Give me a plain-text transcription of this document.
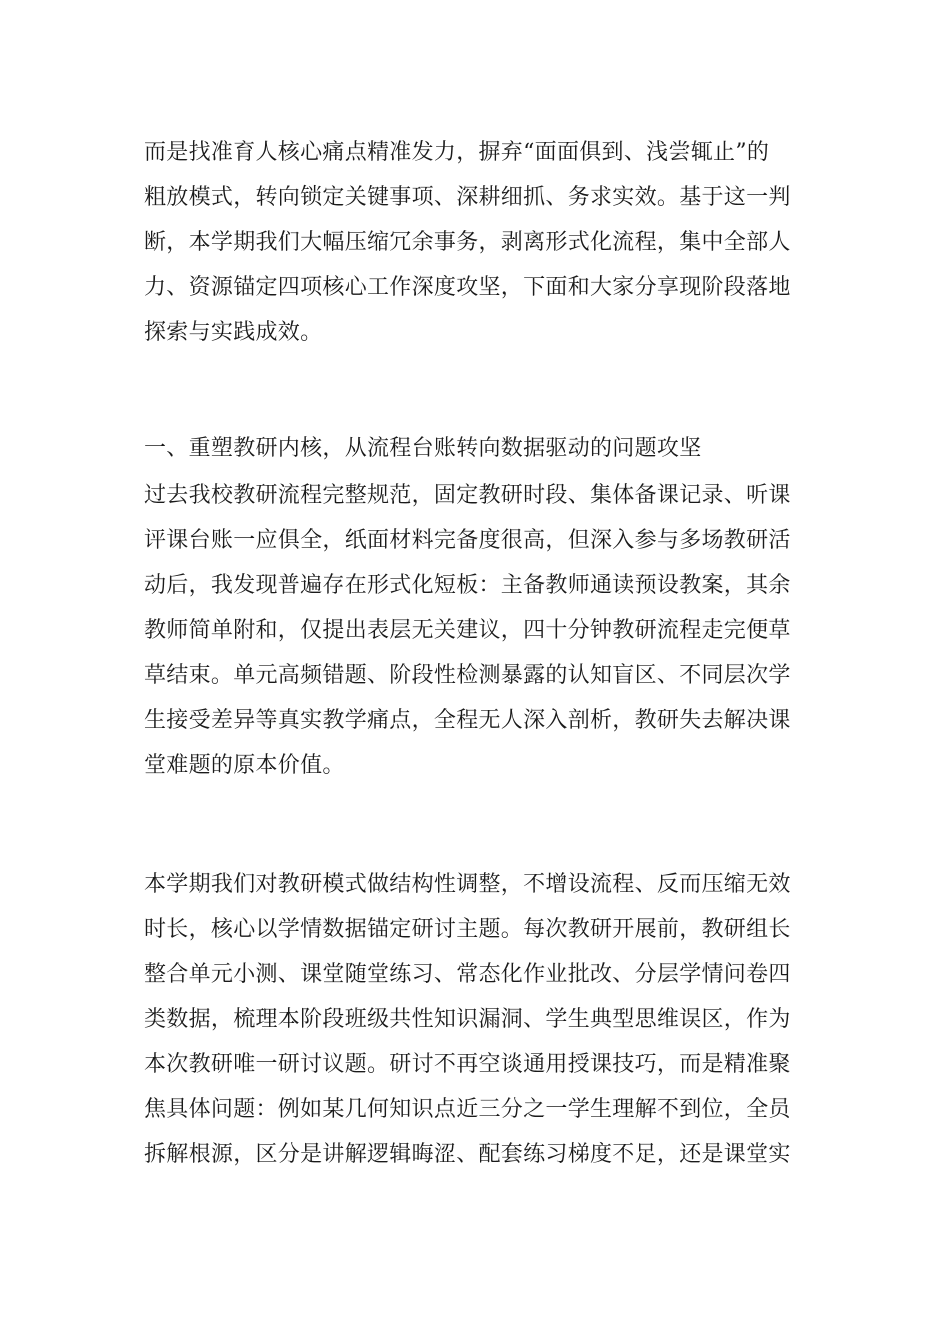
而是找准育人核心痛点精准发力，摒弃“面面俱到、浅尝辄止”的
粗放模式，转向锁定关键事项、深耕细抓、务求实效。基于这一判
断，本学期我们大幅压缩冗余事务，剥离形式化流程，集中全部人
力、资源锚定四项核心工作深度攻坚，下面和大家分享现阶段落地
探索与实践成效。
一、重塑教研内核，从流程台账转向数据驱动的问题攻坚
过去我校教研流程完整规范，固定教研时段、集体备课记录、听课
评课台账一应俱全，纸面材料完备度很高，但深入参与多场教研活
动后，我发现普遍存在形式化短板：主备教师通读预设教案，其余
教师简单附和，仅提出表层无关建议，四十分钟教研流程走完便草
草结束。单元高频错题、阶段性检测暴露的认知盲区、不同层次学
生接受差异等真实教学痛点，全程无人深入剖析，教研失去解决课
堂难题的原本价值。
本学期我们对教研模式做结构性调整，不增设流程、反而压缩无效
时长，核心以学情数据锚定研讨主题。每次教研开展前，教研组长
整合单元小测、课堂随堂练习、常态化作业批改、分层学情问卷四
类数据，梳理本阶段班级共性知识漏洞、学生典型思维误区，作为
本次教研唯一研讨议题。研讨不再空谈通用授课技巧，而是精准聚
焦具体问题：例如某几何知识点近三分之一学生理解不到位，全员
拆解根源，区分是讲解逻辑晦涩、配套练习梯度不足，还是课堂实
